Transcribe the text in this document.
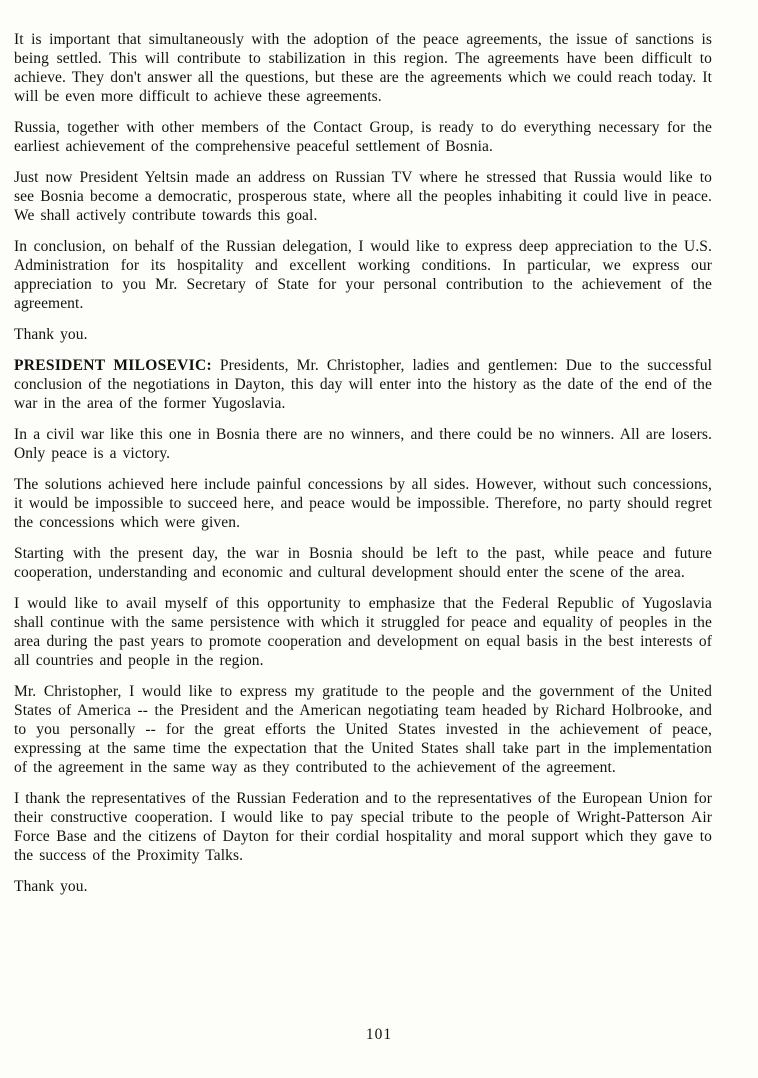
It is important that simultaneously with the adoption of the peace agreements, the issue of sanctions is being settled. This will contribute to stabilization in this region. The agreements have been difficult to achieve. They don't answer all the questions, but these are the agreements which we could reach today. It will be even more difficult to achieve these agreements.

Russia, together with other members of the Contact Group, is ready to do everything necessary for the earliest achievement of the comprehensive peaceful settlement of Bosnia.

Just now President Yeltsin made an address on Russian TV where he stressed that Russia would like to see Bosnia become a democratic, prosperous state, where all the peoples inhabiting it could live in peace. We shall actively contribute towards this goal.

In conclusion, on behalf of the Russian delegation, I would like to express deep appreciation to the U.S. Administration for its hospitality and excellent working conditions. In particular, we express our appreciation to you Mr. Secretary of State for your personal contribution to the achievement of the agreement.

Thank you.

PRESIDENT MILOSEVIC: Presidents, Mr. Christopher, ladies and gentlemen: Due to the successful conclusion of the negotiations in Dayton, this day will enter into the history as the date of the end of the war in the area of the former Yugoslavia.

In a civil war like this one in Bosnia there are no winners, and there could be no winners. All are losers. Only peace is a victory.

The solutions achieved here include painful concessions by all sides. However, without such concessions, it would be impossible to succeed here, and peace would be impossible. Therefore, no party should regret the concessions which were given.

Starting with the present day, the war in Bosnia should be left to the past, while peace and future cooperation, understanding and economic and cultural development should enter the scene of the area.

I would like to avail myself of this opportunity to emphasize that the Federal Republic of Yugoslavia shall continue with the same persistence with which it struggled for peace and equality of peoples in the area during the past years to promote cooperation and development on equal basis in the best interests of all countries and people in the region.

Mr. Christopher, I would like to express my gratitude to the people and the government of the United States of America -- the President and the American negotiating team headed by Richard Holbrooke, and to you personally -- for the great efforts the United States invested in the achievement of peace, expressing at the same time the expectation that the United States shall take part in the implementation of the agreement in the same way as they contributed to the achievement of the agreement.

I thank the representatives of the Russian Federation and to the representatives of the European Union for their constructive cooperation. I would like to pay special tribute to the people of Wright-Patterson Air Force Base and the citizens of Dayton for their cordial hospitality and moral support which they gave to the success of the Proximity Talks.

Thank you.

101
